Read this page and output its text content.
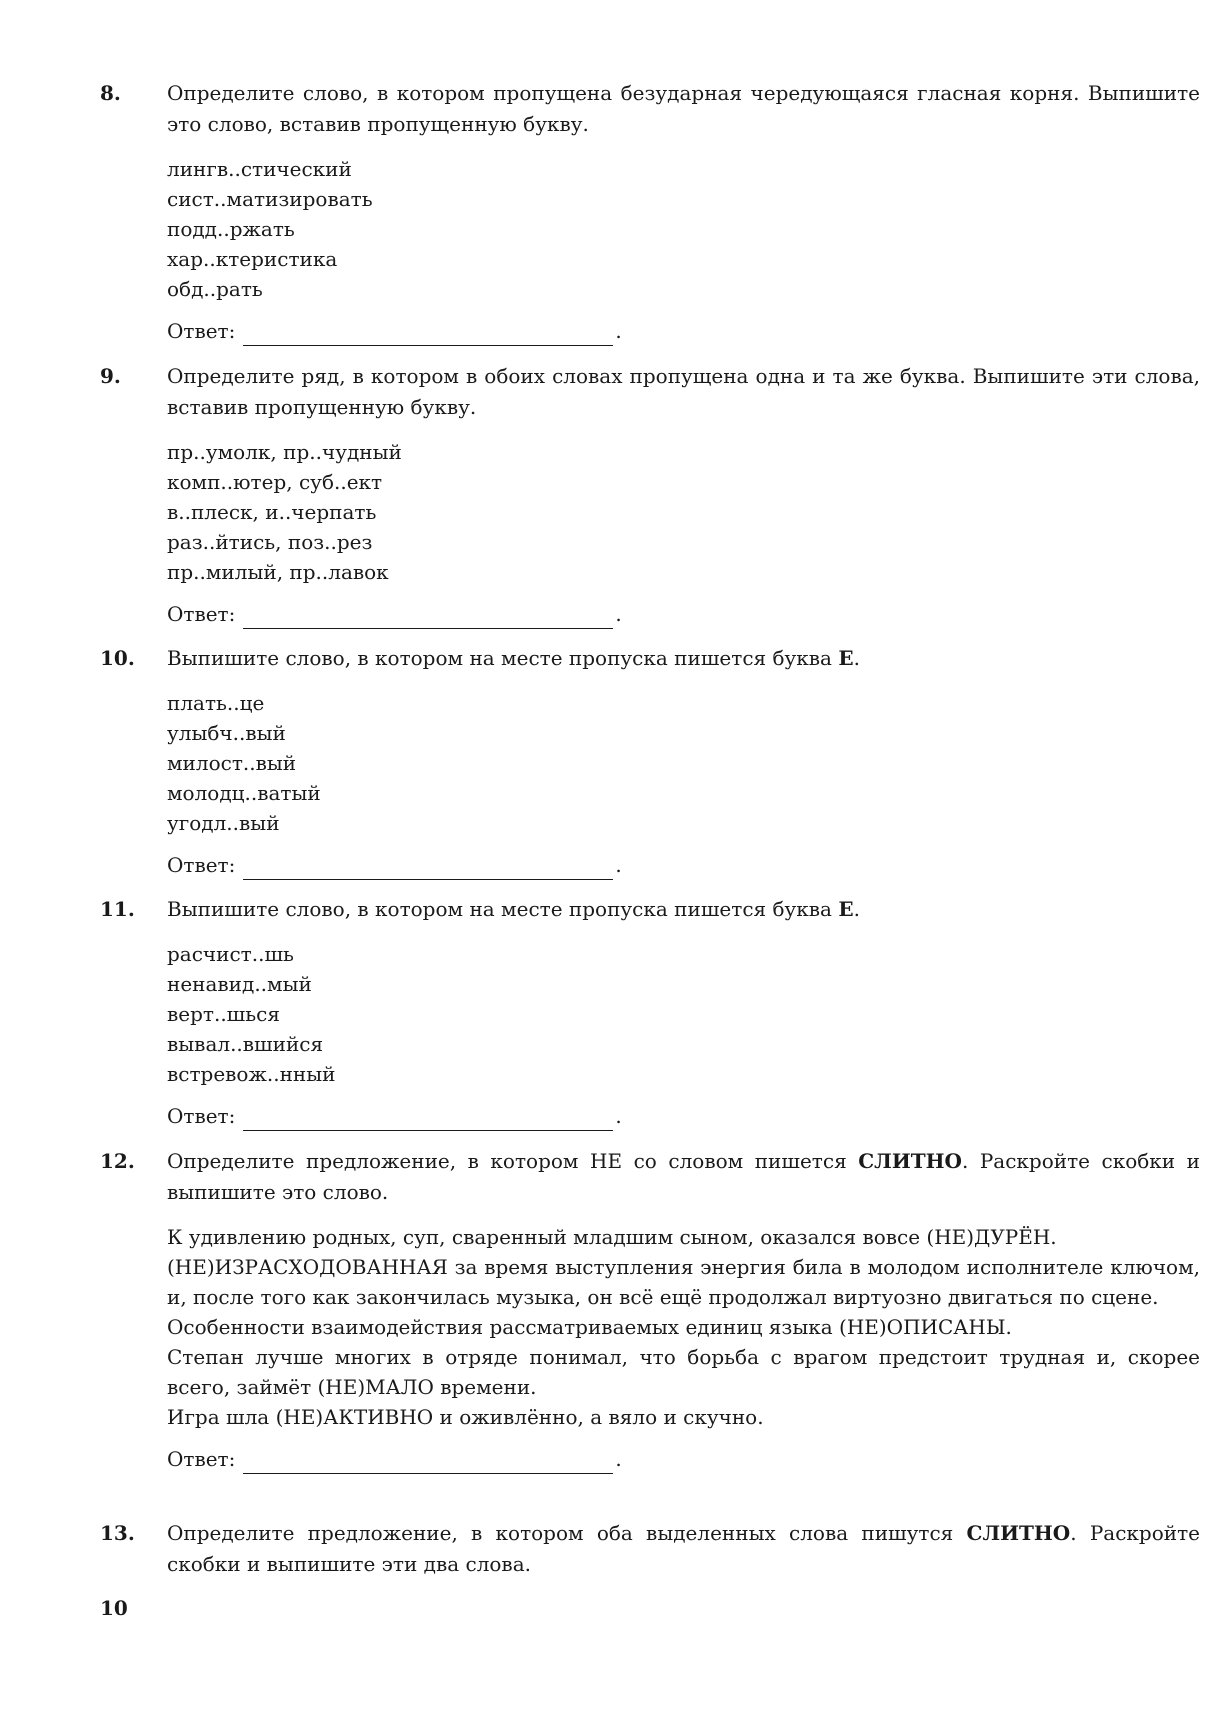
8. Определите слово, в котором пропущена безударная чередующаяся гласная корня. Выпишите это слово, вставив пропущенную букву.

лингв..стический
сист..матизировать
подд..ржать
хар..ктеристика
обд..рать
Ответ:	.
9. Определите ряд, в котором в обоих словах пропущена одна и та же буква. Выпишите эти слова, вставив пропущенную букву.

пр..умолк, пр..чудный
комп..ютер, суб..ект
в..плеск, и..черпать
раз..йтись, поз..рез
пр..милый, пр..лавок
Ответ:	.
10. Выпишите слово, в котором на месте пропуска пишется буква Е.

плать..це
улыбч..вый
милост..вый
молодц..ватый
угодл..вый
Ответ:	.
11. Выпишите слово, в котором на месте пропуска пишется буква Е.

расчист..шь
ненавид..мый
верт..шься
вывал..вшийся
встревож..нный
Ответ:	.
12. Определите предложение, в котором НЕ со словом пишется СЛИТНО. Раскройте скобки и выпишите это слово.

К удивлению родных, суп, сваренный младшим сыном, оказался вовсе (НЕ)ДУРЁН.
(НЕ)ИЗРАСХОДОВАННАЯ за время выступления энергия била в молодом исполнителе ключом, и, после того как закончилась музыка, он всё ещё продолжал виртуозно двигаться по сцене.
Особенности взаимодействия рассматриваемых единиц языка (НЕ)ОПИСАНЫ.
Степан лучше многих в отряде понимал, что борьба с врагом предстоит трудная и, скорее всего, займёт (НЕ)МАЛО времени.
Игра шла (НЕ)АКТИВНО и оживлённо, а вяло и скучно.
Ответ:	.
13. Определите предложение, в котором оба выделенных слова пишутся СЛИТНО. Раскройте скобки и выпишите эти два слова.

10
